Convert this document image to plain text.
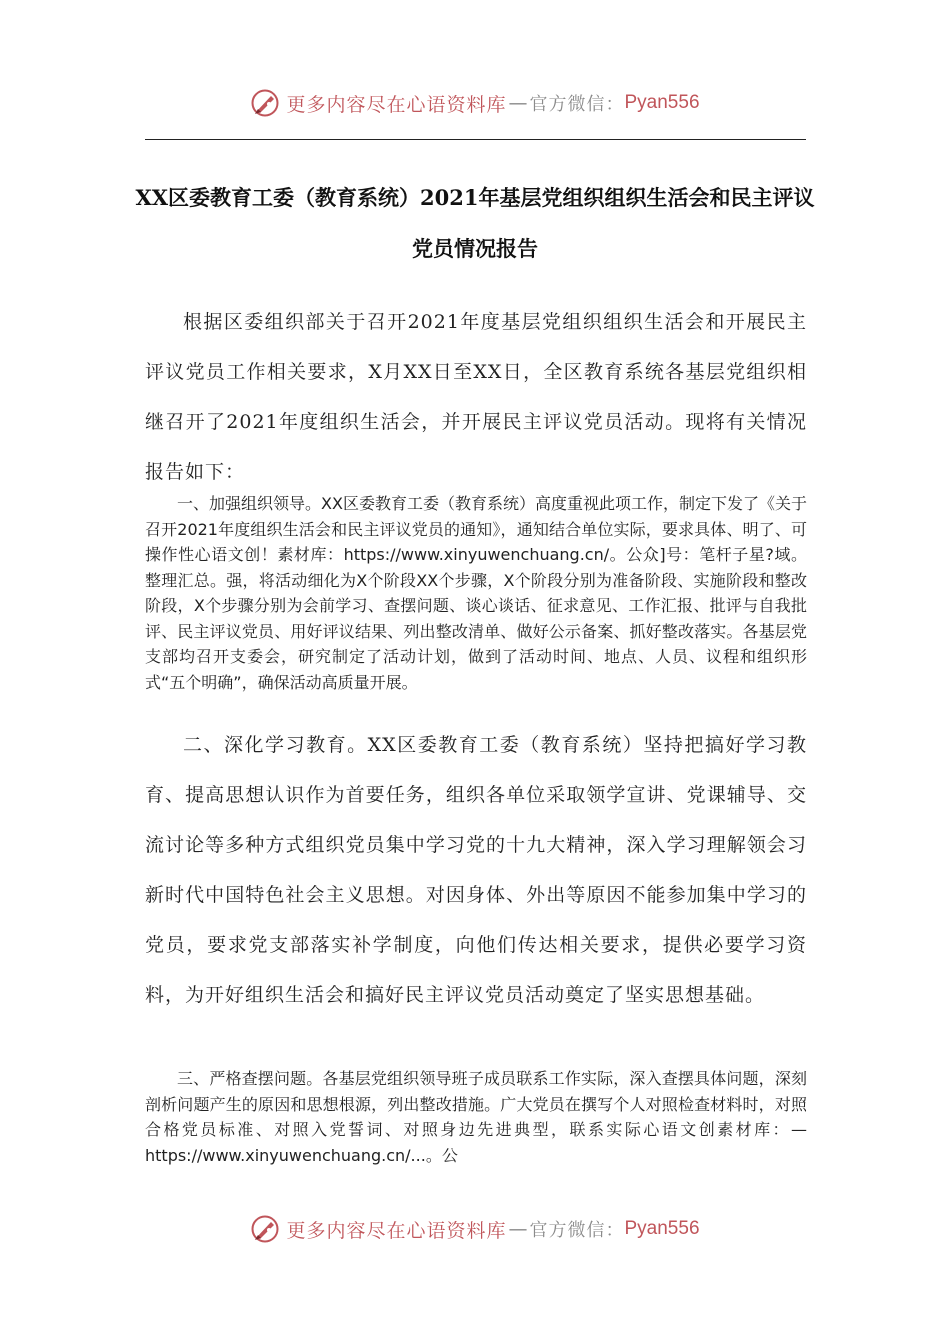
更多内容尽在心语资料库 — 官方微信： Pyan556
XX区委教育工委（教育系统）2021年基层党组织组织生活会和民主评议党员情况报告

根据区委组织部关于召开2021年度基层党组织组织生活会和开展民主评议党员工作相关要求，X月XX日至XX日，全区教育系统各基层党组织相继召开了2021年度组织生活会，并开展民主评议党员活动。现将有关情况报告如下：

一、加强组织领导。XX区委教育工委（教育系统）高度重视此项工作，制定下发了《关于召开2021年度组织生活会和民主评议党员的通知》，通知结合单位实际，要求具体、明了、可操作性心语文创！素材库：https://www.xinyuwenchuang.cn/。公众]号：笔杆子星?域。整理汇总。强，将活动细化为X个阶段XX个步骤，X个阶段分别为准备阶段、实施阶段和整改阶段，X个步骤分别为会前学习、查摆问题、谈心谈话、征求意见、工作汇报、批评与自我批评、民主评议党员、用好评议结果、列出整改清单、做好公示备案、抓好整改落实。各基层党支部均召开支委会，研究制定了活动计划，做到了活动时间、地点、人员、议程和组织形式“五个明确”，确保活动高质量开展。

二、深化学习教育。XX区委教育工委（教育系统）坚持把搞好学习教育、提高思想认识作为首要任务，组织各单位采取领学宣讲、党课辅导、交流讨论等多种方式组织党员集中学习党的十九大精神，深入学习理解领会习新时代中国特色社会主义思想。对因身体、外出等原因不能参加集中学习的党员，要求党支部落实补学制度，向他们传达相关要求，提供必要学习资料，为开好组织生活会和搞好民主评议党员活动奠定了坚实思想基础。

三、严格查摆问题。各基层党组织领导班子成员联系工作实际，深入查摆具体问题，深刻剖析问题产生的原因和思想根源，列出整改措施。广大党员在撰写个人对照检查材料时，对照合格党员标准、对照入党誓词、对照身边先进典型，联系实际心语文创素材库：—https://www.xinyuwenchuang.cn/...。公

更多内容尽在心语资料库 — 官方微信： Pyan556
